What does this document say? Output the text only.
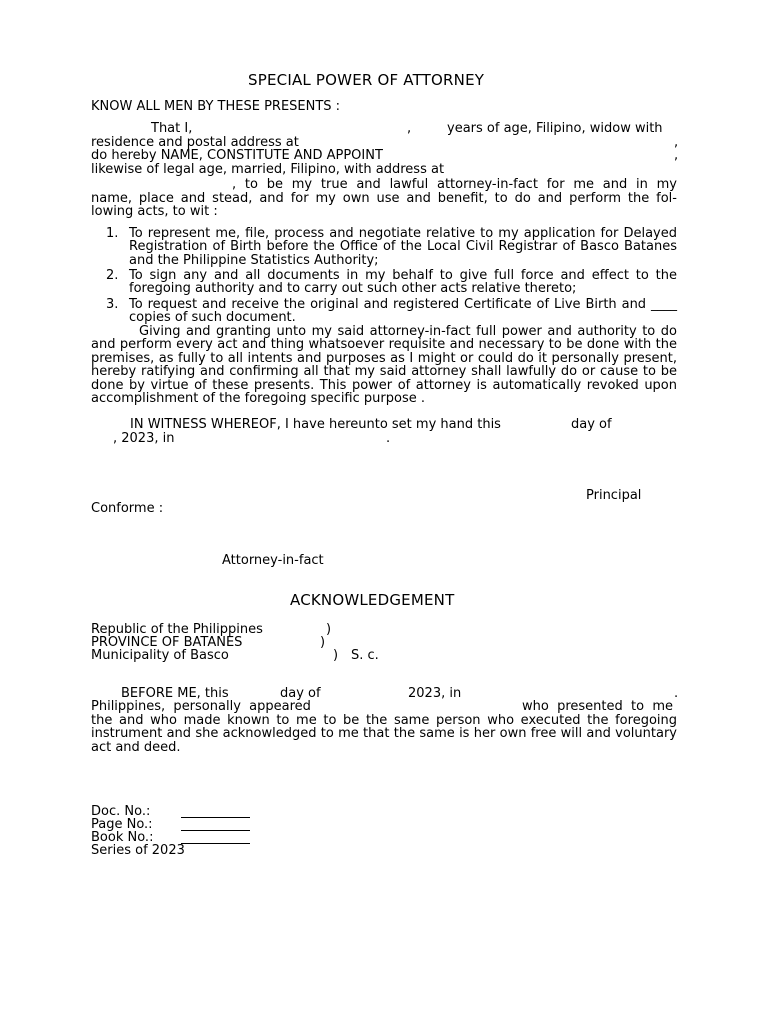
SPECIAL POWER OF ATTORNEY
KNOW ALL MEN BY THESE PRESENTS :
That I,	,	years of age, Filipino, widow with
residence and postal address at	,
do hereby NAME, CONSTITUTE AND APPOINT	,
likewise of legal age, married, Filipino, with address at
, to be my true and lawful attorney-in-fact for me and in my
name, place and stead, and for my own use and benefit, to do and perform the fol-
lowing acts, to wit :
1. To represent me, file, process and negotiate relative to my application for Delayed Registration of Birth before the Office of the Local Civil Registrar of Basco Batanes and the Philippine Statistics Authority;
2. To sign any and all documents in my behalf to give full force and effect to the foregoing authority and to carry out such other acts relative thereto;
3. To request and receive the original and registered Certificate of Live Birth and ____ copies of such document.
Giving and granting unto my said attorney-in-fact full power and authority to do and perform every act and thing whatsoever requisite and necessary to be done with the premises, as fully to all intents and purposes as I might or could do it personally present, hereby ratifying and confirming all that my said attorney shall lawfully do or cause to be done by virtue of these presents. This power of attorney is automatically revoked upon accomplishment of the foregoing specific purpose .
IN WITNESS WHEREOF, I have hereunto set my hand this	day of
, 2023, in	.
Principal
Conforme :
Attorney-in-fact
ACKNOWLEDGEMENT
Republic of the Philippines	)
PROVINCE OF BATANES	)
Municipality of Basco	) S. c.
BEFORE ME, this	day of	2023, in	.
Philippines,  personally  appeared	who  presented  to  me
the and who made known to me to be the same person who executed the foregoing instrument and she acknowledged to me that the same is her own free will and voluntary act and deed.
Doc. No.:
Page No.:
Book No.:
Series of 2023
